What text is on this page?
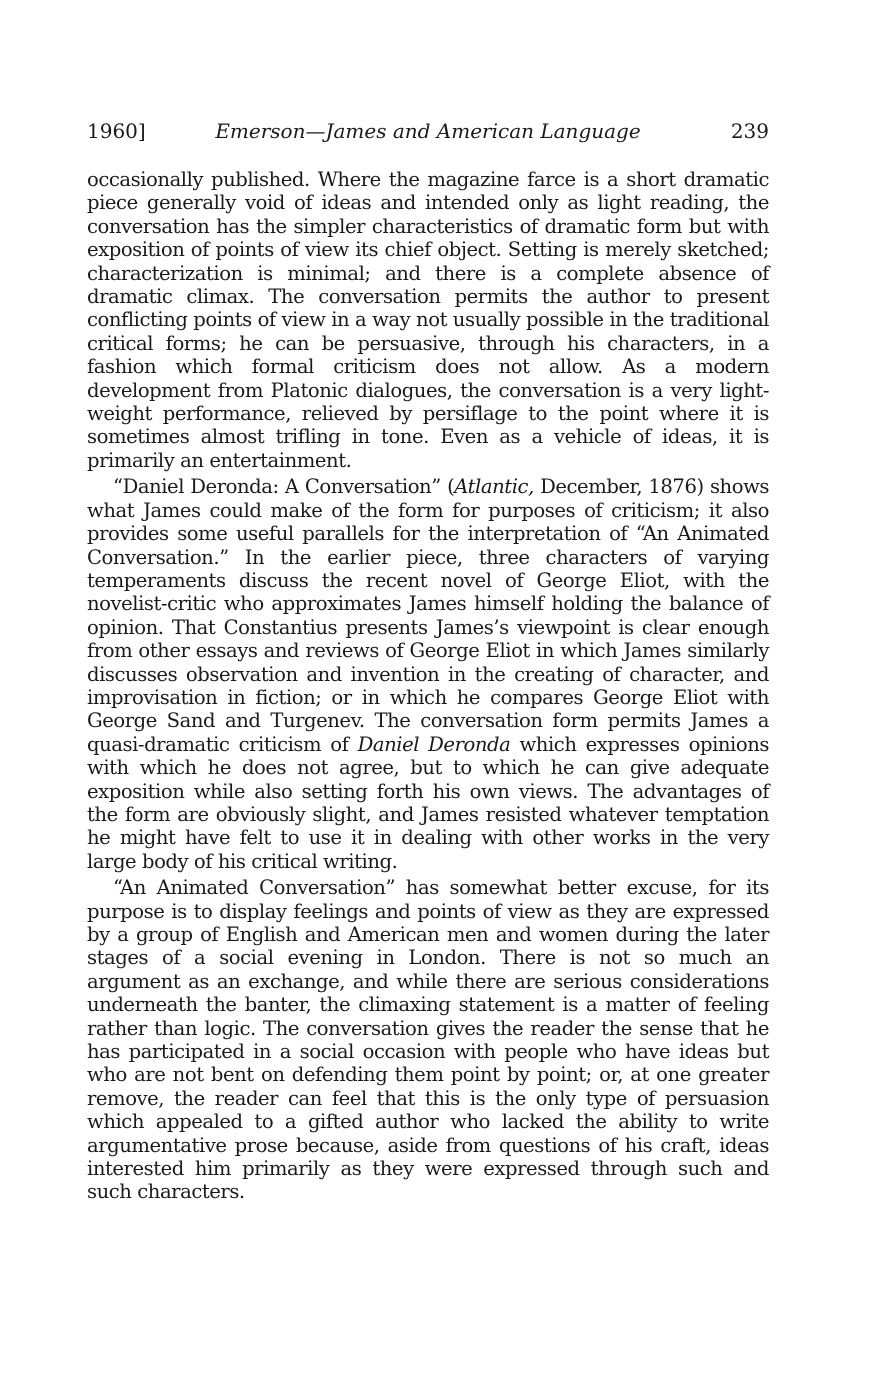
1960]	Emerson—James and American Language	239

occasionally published. Where the magazine farce is a short dramatic piece generally void of ideas and intended only as light reading, the conversation has the simpler characteristics of dramatic form but with exposition of points of view its chief object. Setting is merely sketched; characterization is minimal; and there is a complete absence of dramatic climax. The conversation permits the author to present conflicting points of view in a way not usually possible in the traditional critical forms; he can be persuasive, through his characters, in a fashion which formal criticism does not allow. As a modern development from Platonic dialogues, the conversation is a very light-weight performance, relieved by persiflage to the point where it is sometimes almost trifling in tone. Even as a vehicle of ideas, it is primarily an entertainment.

“Daniel Deronda: A Conversation” (Atlantic, December, 1876) shows what James could make of the form for purposes of criticism; it also provides some useful parallels for the interpretation of “An Animated Conversation.” In the earlier piece, three characters of varying temperaments discuss the recent novel of George Eliot, with the novelist-critic who approximates James himself holding the balance of opinion. That Constantius presents James’s viewpoint is clear enough from other essays and reviews of George Eliot in which James similarly discusses observation and invention in the creating of character, and improvisation in fiction; or in which he compares George Eliot with George Sand and Turgenev. The conversation form permits James a quasi-dramatic criticism of Daniel Deronda which expresses opinions with which he does not agree, but to which he can give adequate exposition while also setting forth his own views. The advantages of the form are obviously slight, and James resisted whatever temptation he might have felt to use it in dealing with other works in the very large body of his critical writing.

“An Animated Conversation” has somewhat better excuse, for its purpose is to display feelings and points of view as they are expressed by a group of English and American men and women during the later stages of a social evening in London. There is not so much an argument as an exchange, and while there are serious considerations underneath the banter, the climaxing statement is a matter of feeling rather than logic. The conversation gives the reader the sense that he has participated in a social occasion with people who have ideas but who are not bent on defending them point by point; or, at one greater remove, the reader can feel that this is the only type of persuasion which appealed to a gifted author who lacked the ability to write argumentative prose because, aside from questions of his craft, ideas interested him primarily as they were expressed through such and such characters.
